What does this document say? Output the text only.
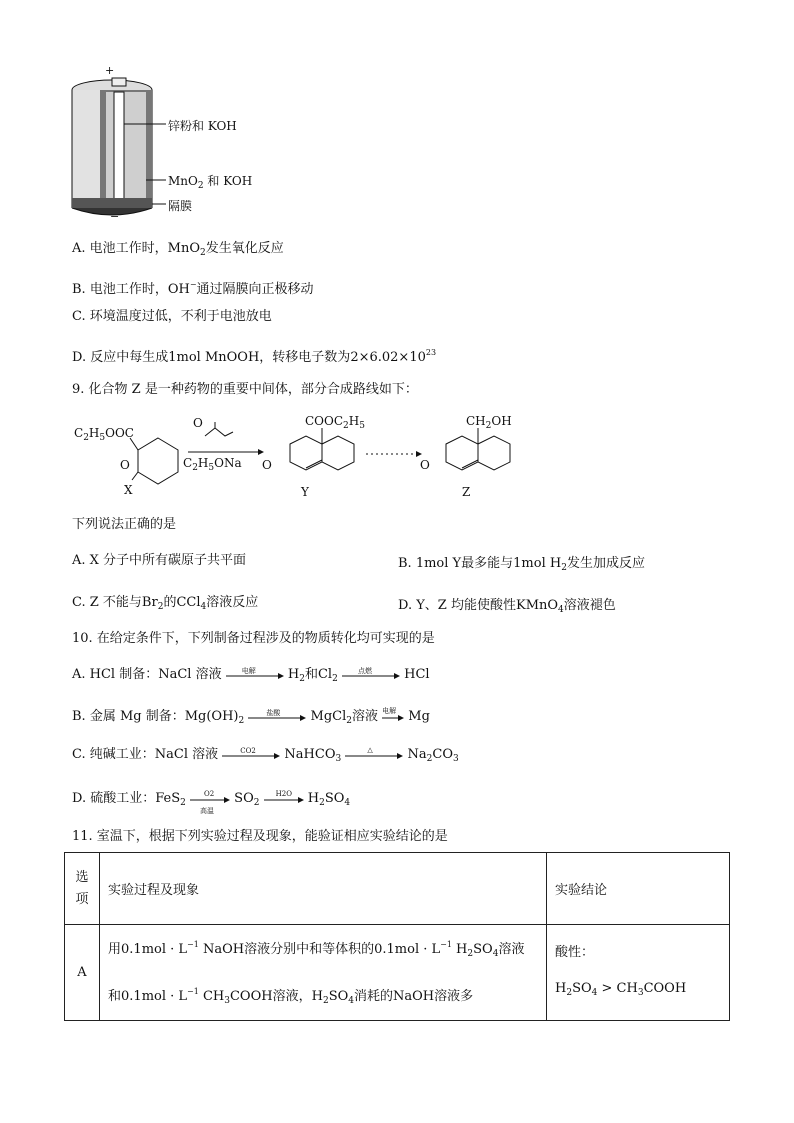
+
−
锌粉和 KOH
MnO$_2$ 和 KOH
隔膜
A. 电池工作时，MnO$_2$发生氧化反应
B. 电池工作时，OH−通过隔膜向正极移动
C. 环境温度过低，不利于电池放电
D. 反应中每生成1mol MnOOH，转移电子数为$2\times 6.02\times 10^{23}$
9. 化合物 Z 是一种药物的重要中间体，部分合成路线如下：
$C_2H_5OOC$
O
O
$C_2H_5ONa$
$COOC_2H_5$
O
$CH_2OH$
O
X	Y	Z
下列说法正确的是
A. X 分子中所有碳原子共平面	B. 1mol Y最多能与1mol $H_2$发生加成反应
C. Z 不能与$Br_2$的CCl$_4$溶液反应	D. Y、Z 均能使酸性KMnO$_4$溶液褪色
10. 在给定条件下，下列制备过程涉及的物质转化均可实现的是
A. HCl 制备：NaCl 溶液	电解 $H_2$和$Cl_2$
点燃 HCl
B. 金属 Mg 制备：$Mg(OH)_2$
盐酸 MgCl$_2$溶液 电解 Mg
C. 纯碱工业：NaCl 溶液	CO2 NaHCO$_3$
△	$Na_2CO_3$
D. 硫酸工业：FeS$_2$
O2
高温
$SO_2$
H2O $H_2SO_4$
11. 室温下，根据下列实验过程及现象，能验证相应实验结论的是
选
项	实验过程及现象	实验结论
A	用$0.1mol \cdot L^{-1}$ NaOH溶液分别中和等体积的$0.1mol \cdot L^{-1}$ $H_2SO_4$溶液
和$0.1mol \cdot L^{-1}$ $CH_3COOH$溶液，$H_2SO_4$消耗的NaOH溶液多	酸性：
$H_2SO_4$ > $CH_3COOH$
